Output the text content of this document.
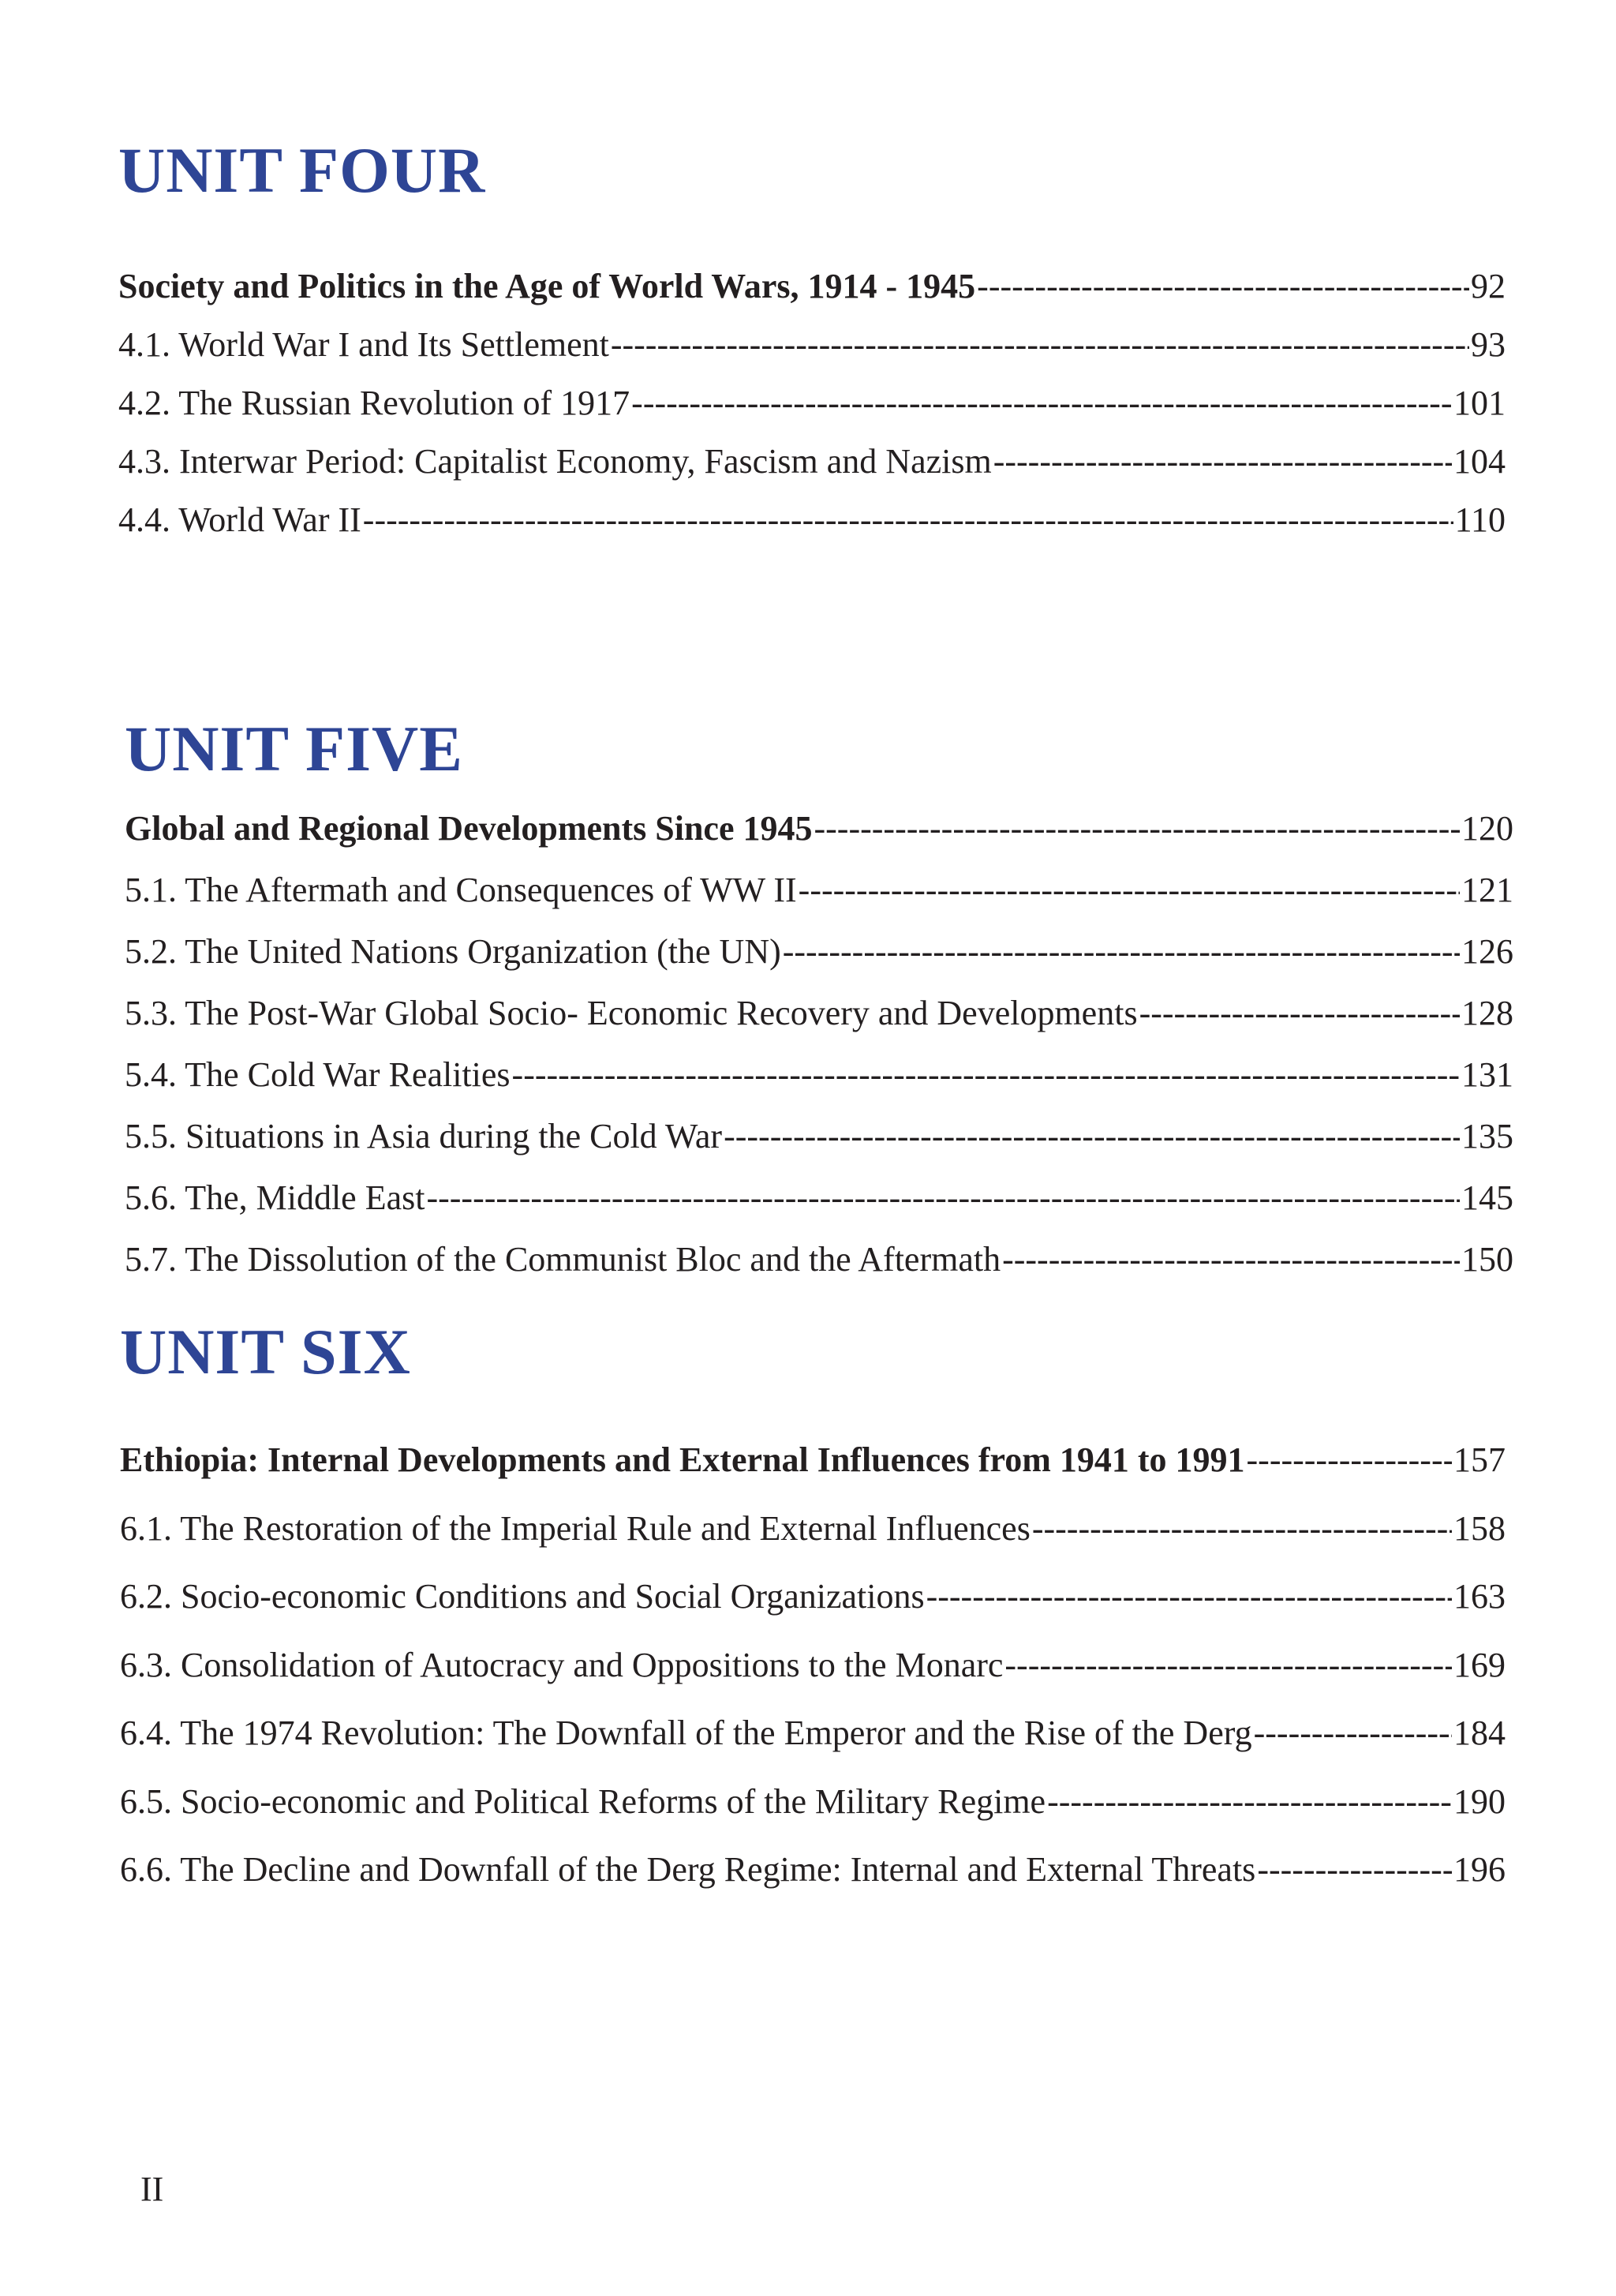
UNIT FOUR
Society and Politics in the Age of World Wars, 1914 - 1945 -----	92
4.1. World War I and Its Settlement -----	93
4.2. The Russian Revolution of 1917 -----	101
4.3. Interwar Period: Capitalist Economy, Fascism and Nazism -----	104
4.4. World War II -----	110
UNIT FIVE
Global and Regional Developments Since 1945 -----	120
5.1. The Aftermath and Consequences of WW II -----	121
5.2. The United Nations Organization (the UN) -----	126
5.3. The Post-War Global Socio- Economic Recovery and Developments -----	128
5.4. The Cold War Realities -----	131
5.5. Situations in Asia during the Cold War -----	135
5.6. The, Middle East -----	145
5.7. The Dissolution of the Communist Bloc and the Aftermath -----	150
UNIT SIX
Ethiopia: Internal Developments and External Influences from 1941 to 1991 -----	157
6.1. The Restoration of the Imperial Rule and External Influences -----	158
6.2. Socio-economic Conditions and Social Organizations -----	163
6.3. Consolidation of Autocracy and Oppositions to the Monarc -----	169
6.4. The 1974 Revolution: The Downfall of the Emperor and the Rise of the Derg -----	184
6.5. Socio-economic and Political Reforms of the Military Regime -----	190
6.6. The Decline and Downfall of the Derg Regime: Internal and External Threats -----	196
II
